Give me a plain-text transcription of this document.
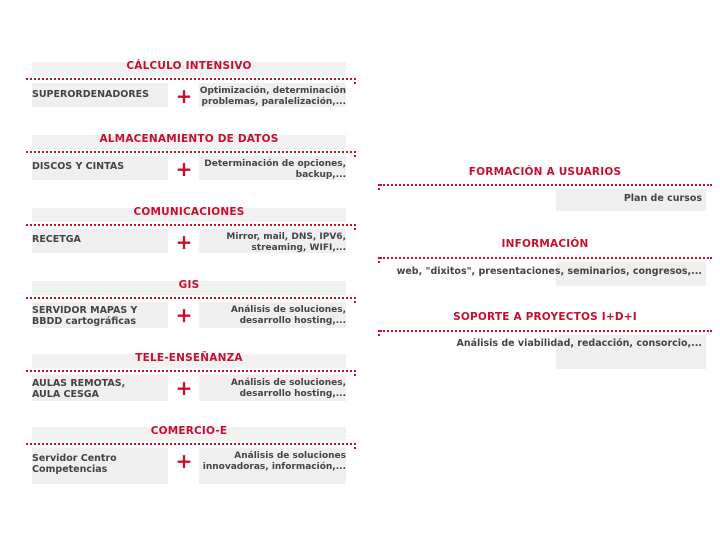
CÁLCULO INTENSIVO
SUPERORDENADORES + Optimización, determinación
problemas, paralelización,...
ALMACENAMIENTO DE DATOS
DISCOS Y CINTAS	+ Determinación de opciones,
backup,...
COMUNICACIONES
RECETGA	+	Mirror, mail, DNS, IPV6,
streaming, WIFI,...
GIS
SERVIDOR MAPAS Y
BBDD cartográficas +	Análisis de soluciones,
desarrollo hosting,...
TELE-ENSEÑANZA
AULAS REMOTAS,
AULA CESGA	+	Análisis de soluciones,
desarrollo hosting,...
COMERCIO-E
Servidor Centro
Competencias	+	Análisis de soluciones
innovadoras, información,...
FORMACIÓN A USUARIOS
Plan de cursos
INFORMACIÓN
web, "dixitos", presentaciones, seminarios, congresos,...
SOPORTE A PROYECTOS I+D+I
Análisis de viabilidad, redacción, consorcio,...
